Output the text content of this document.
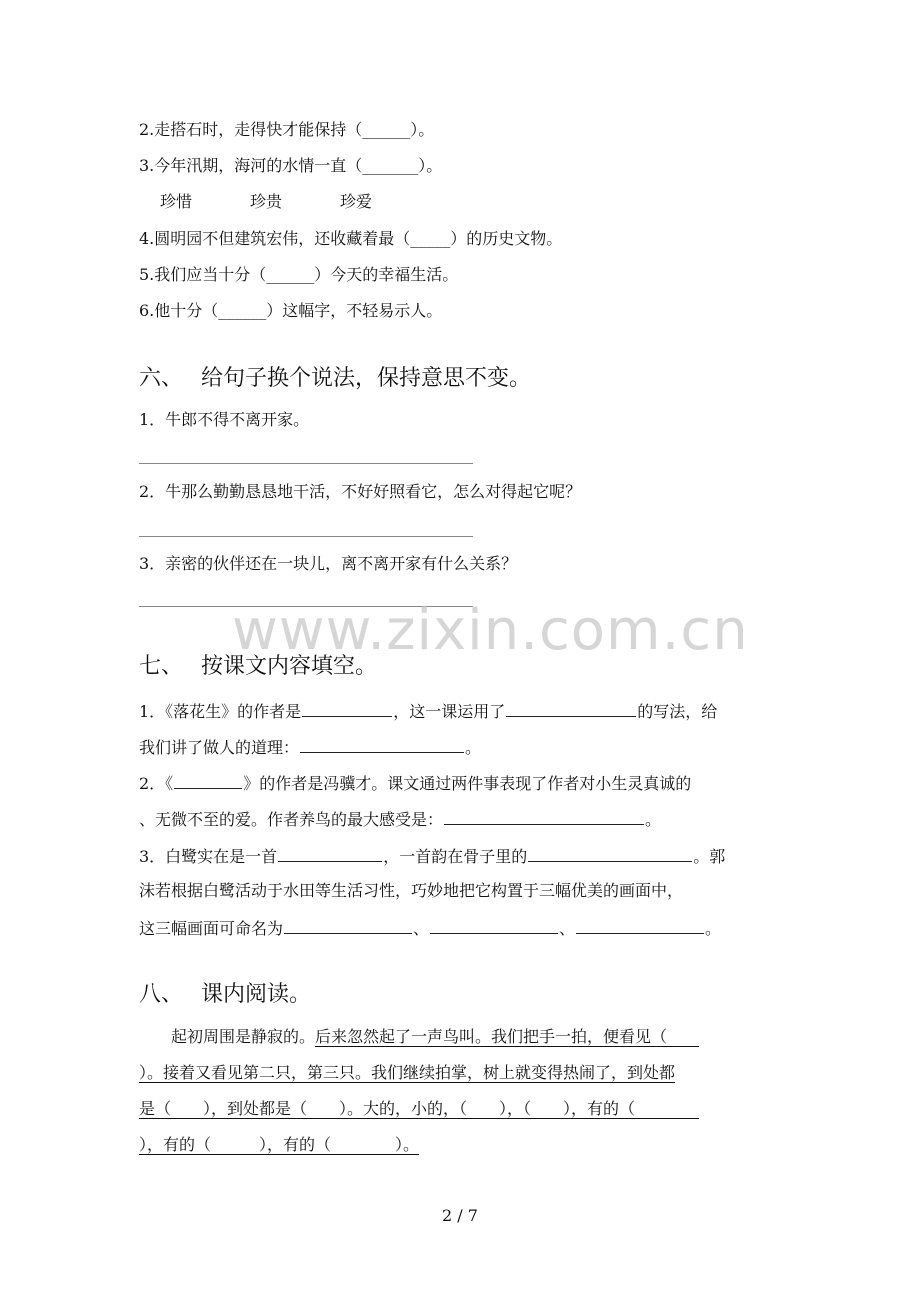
2.走搭石时，走得快才能保持（______）。
3.今年汛期，海河的水情一直（_______）。
珍惜	珍贵	珍爱
4.圆明园不但建筑宏伟，还收藏着最（_____）的历史文物。
5.我们应当十分（______）今天的幸福生活。
6.他十分（______）这幅字，不轻易示人。
六、 给句子换个说法，保持意思不变。
1．牛郎不得不离开家。
2．牛那么勤勤恳恳地干活，不好好照看它，怎么对得起它呢？
3．亲密的伙伴还在一块儿，离不离开家有什么关系？
www.zixin.com.cn
七、 按课文内容填空。
1．《落花生》的作者是	，这一课运用了	的写法，给
我们讲了做人的道理：	。
2．《	》的作者是冯骥才。课文通过两件事表现了作者对小生灵真诚的
、无微不至的爱。作者养鸟的最大感受是：	。
3．白鹭实在是一首	，一首韵在骨子里的	。郭
沫若根据白鹭活动于水田等生活习性，巧妙地把它构置于三幅优美的画面中，
这三幅画面可命名为	、	、	。
八、 课内阅读。
起初周围是静寂的。后来忽然起了一声鸟叫。我们把手一拍，便看见（　　
）。接着又看见第二只，第三只。我们继续拍掌，树上就变得热闹了，到处都
是（　　），到处都是（　　）。大的，小的，（　　），（　　），有的（　　　　
），有的（　　　），有的（　　　　）。
2 / 7
